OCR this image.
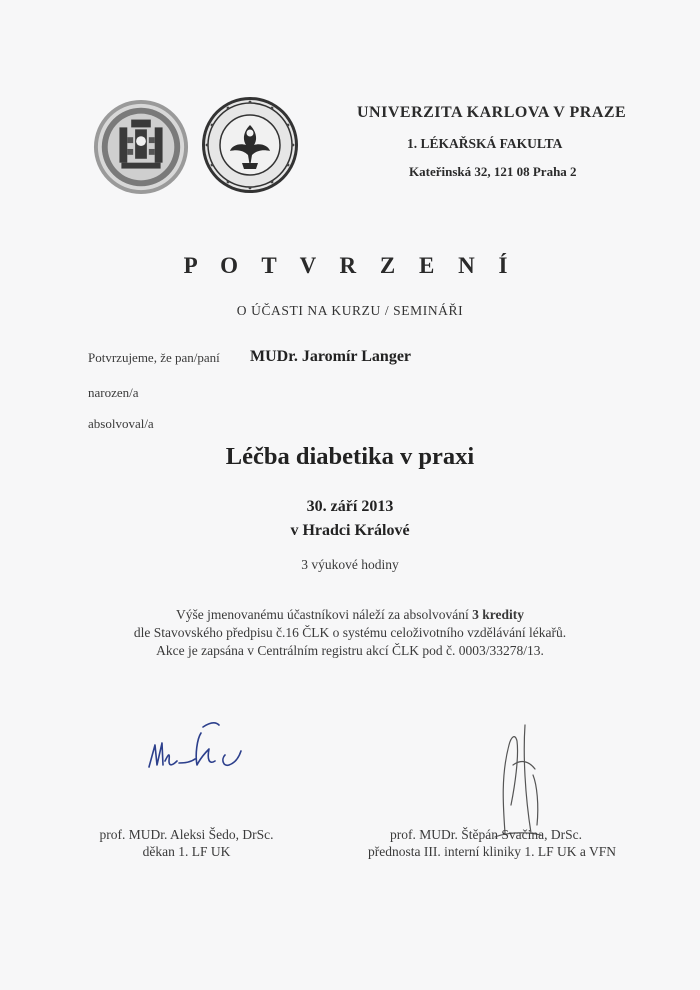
UNIVERZITA KARLOVA V PRAZE
1. LÉKAŘSKÁ FAKULTA
Kateřinská 32, 121 08 Praha 2
P O T V R Z E N Í
O ÚČASTI NA KURZU / SEMINÁŘI
Potvrzujeme, že pan/paní MUDr. Jaromír Langer
narozen/a
absolvoval/a
Léčba diabetika v praxi
30. září 2013
v Hradci Králové
3 výukové hodiny
Výše jmenovanému účastníkovi náleží za absolvování 3 kredity
dle Stavovského předpisu č.16 ČLK o systému celoživotního vzdělávání lékařů.
Akce je zapsána v Centrálním registru akcí ČLK pod č. 0003/33278/13.
prof. MUDr. Aleksi Šedo, DrSc.
děkan 1. LF UK
prof. MUDr. Štěpán Svačina, DrSc.
přednosta III. interní kliniky 1. LF UK a VFN
